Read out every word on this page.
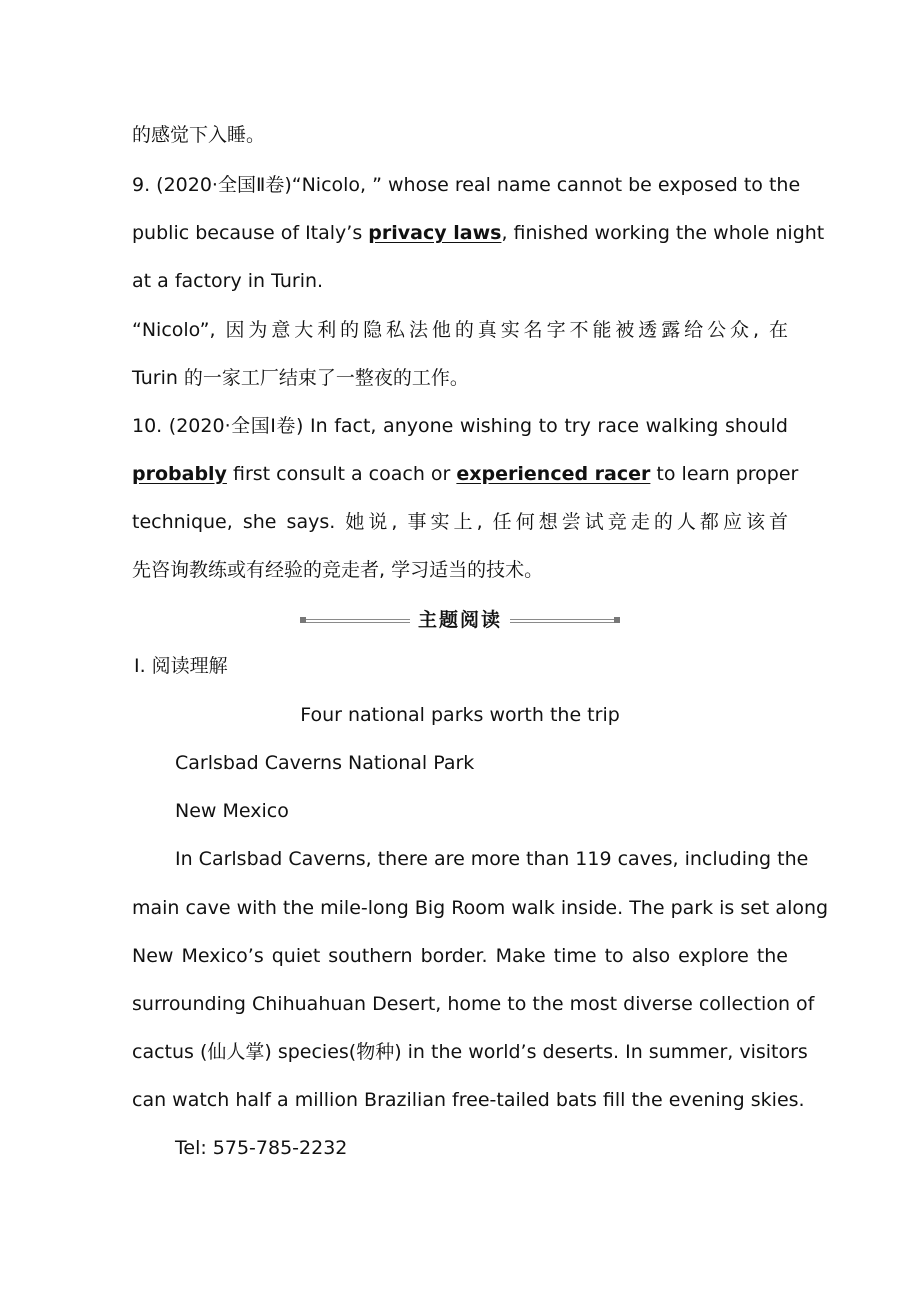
的感觉下入睡。
9. (2020·全国Ⅱ卷)“Nicolo, ” whose real name cannot be exposed to the
public because of Italy’s privacy laws, finished working the whole night
at a factory in Turin.
“Nicolo”, 因为意大利的隐私法他的真实名字不能被透露给公众, 在
Turin 的一家工厂结束了一整夜的工作。
10. (2020·全国Ⅰ卷) In fact, anyone wishing to try race walking should
probably first consult a coach or experienced racer to learn proper
technique, she says. 她说, 事实上, 任何想尝试竞走的人都应该首
先咨询教练或有经验的竞走者, 学习适当的技术。
主题阅读
Ⅰ. 阅读理解
Four national parks worth the trip
Carlsbad Caverns National Park
New Mexico
In Carlsbad Caverns, there are more than 119 caves, including the
main cave with the mile-long Big Room walk inside. The park is set along
New Mexico’s quiet southern border. Make time to also explore the
surrounding Chihuahuan Desert, home to the most diverse collection of
cactus (仙人掌) species(物种) in the world’s deserts. In summer, visitors
can watch half a million Brazilian free-tailed bats fill the evening skies.
Tel: 575-785-2232
